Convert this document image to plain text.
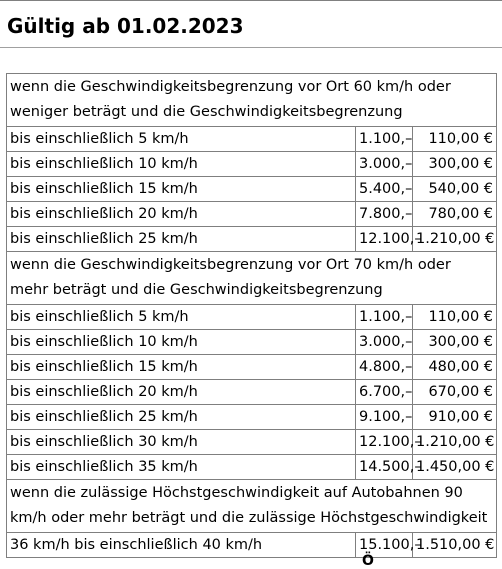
Gültig ab 01.02.2023
wenn die Geschwindigkeitsbegrenzung vor Ort 60 km/h oder weniger beträgt und die Geschwindigkeitsbegrenzung		
bis einschließlich 5 km/h	1.100,–	110,00 €
bis einschließlich 10 km/h	3.000,–	300,00 €
bis einschließlich 15 km/h	5.400,–	540,00 €
bis einschließlich 20 km/h	7.800,–	780,00 €
bis einschließlich 25 km/h	12.100,–	1.210,00 €
wenn die Geschwindigkeitsbegrenzung vor Ort 70 km/h oder mehr beträgt und die Geschwindigkeitsbegrenzung		
bis einschließlich 5 km/h	1.100,–	110,00 €
bis einschließlich 10 km/h	3.000,–	300,00 €
bis einschließlich 15 km/h	4.800,–	480,00 €
bis einschließlich 20 km/h	6.700,–	670,00 €
bis einschließlich 25 km/h	9.100,–	910,00 €
bis einschließlich 30 km/h	12.100,–	1.210,00 €
bis einschließlich 35 km/h	14.500,–	1.450,00 €
wenn die zulässige Höchstgeschwindigkeit auf Autobahnen 90 km/h oder mehr beträgt und die zulässige Höchstgeschwindigkeit		
36 km/h bis einschließlich 40 km/h	15.100,–	1.510,00 €
Ö
